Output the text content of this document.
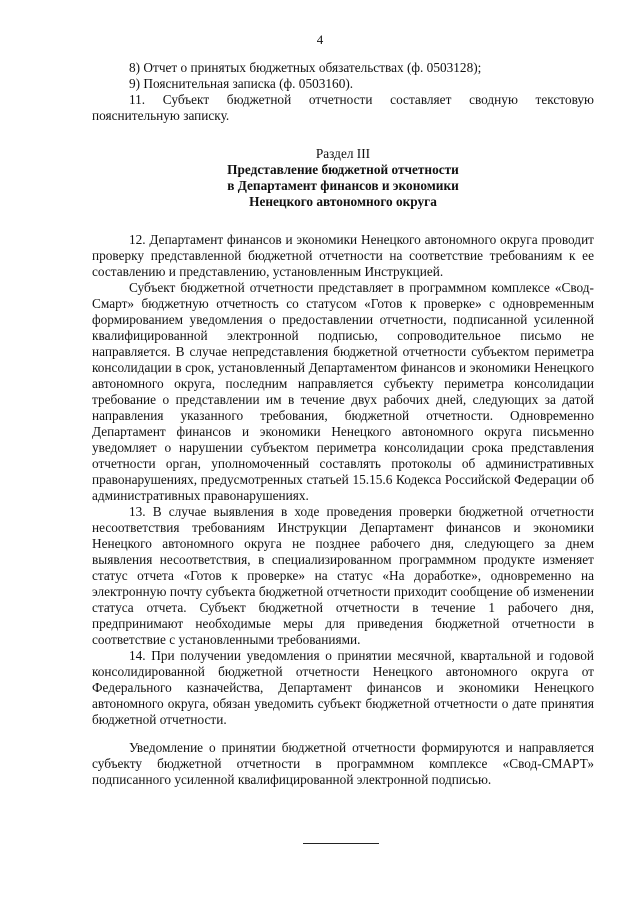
4

8) Отчет о принятых бюджетных обязательствах (ф. 0503128);

9) Пояснительная записка (ф. 0503160).

11. Субъект бюджетной отчетности составляет сводную текстовую пояснительную записку.

Раздел III
Представление бюджетной отчетности
в Департамент финансов и экономики
Ненецкого автономного округа

12. Департамент финансов и экономики Ненецкого автономного округа проводит проверку представленной бюджетной отчетности на соответствие требованиям к ее составлению и представлению, установленным Инструкцией.

Субъект бюджетной отчетности представляет в программном комплексе «Свод-Смарт» бюджетную отчетность со статусом «Готов к проверке» с одновременным формированием уведомления о предоставлении отчетности, подписанной усиленной квалифицированной электронной подписью, сопроводительное письмо не направляется. В случае непредставления бюджетной отчетности субъектом периметра консолидации в срок, установленный Департаментом финансов и экономики Ненецкого автономного округа, последним направляется субъекту периметра консолидации требование о представлении им в течение двух рабочих дней, следующих за датой направления указанного требования, бюджетной отчетности. Одновременно Департамент финансов и экономики Ненецкого автономного округа письменно уведомляет о нарушении субъектом периметра консолидации срока представления отчетности орган, уполномоченный составлять протоколы об административных правонарушениях, предусмотренных статьей 15.15.6 Кодекса Российской Федерации об административных правонарушениях.

13. В случае выявления в ходе проведения проверки бюджетной отчетности несоответствия требованиям Инструкции Департамент финансов и экономики Ненецкого автономного округа не позднее рабочего дня, следующего за днем выявления несоответствия, в специализированном программном продукте изменяет статус отчета «Готов к проверке» на статус «На доработке», одновременно на электронную почту субъекта бюджетной отчетности приходит сообщение об изменении статуса отчета. Субъект бюджетной отчетности в течение 1 рабочего дня, предпринимают необходимые меры для приведения бюджетной отчетности в соответствие с установленными требованиями.

14. При получении уведомления о принятии месячной, квартальной и годовой консолидированной бюджетной отчетности Ненецкого автономного округа от Федерального казначейства, Департамент финансов и экономики Ненецкого автономного округа, обязан уведомить субъект бюджетной отчетности о дате принятия бюджетной отчетности.

Уведомление о принятии бюджетной отчетности формируются и направляется субъекту бюджетной отчетности в программном комплексе «Свод-СМАРТ» подписанного усиленной квалифицированной электронной подписью.
